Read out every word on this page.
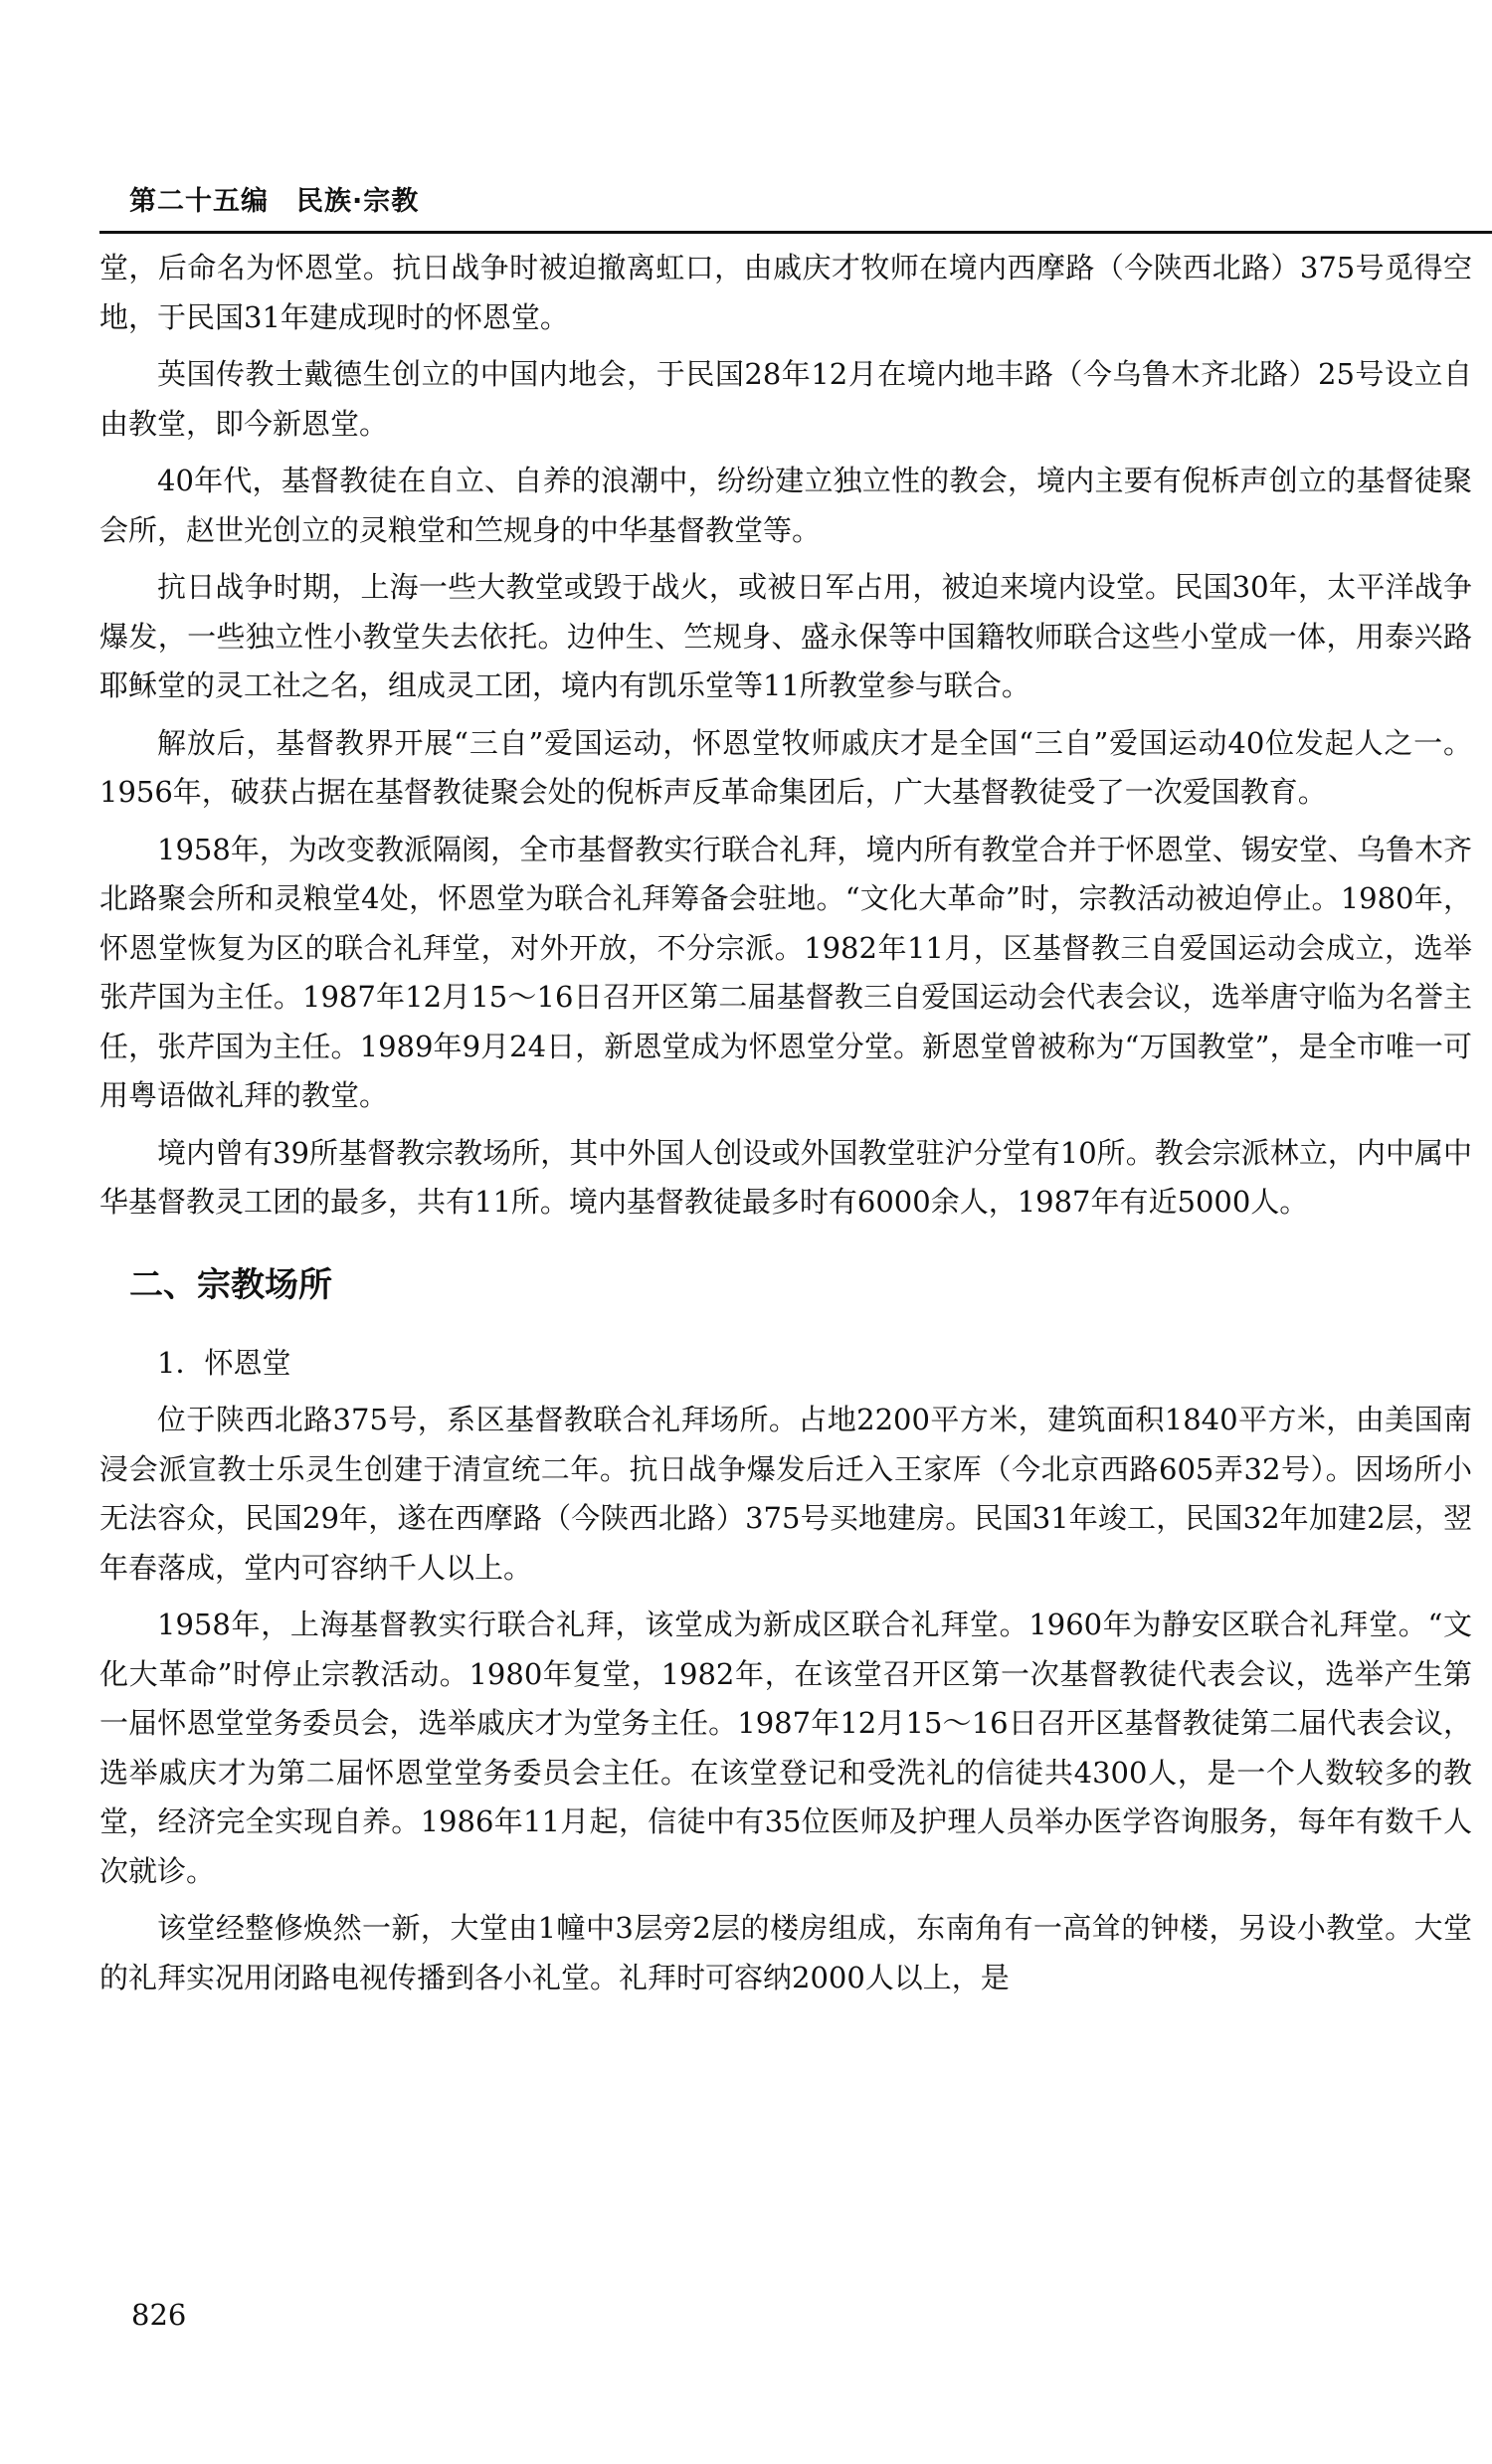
第二十五编　民族·宗教

堂，后命名为怀恩堂。抗日战争时被迫撤离虹口，由戚庆才牧师在境内西摩路（今陕西北路）375号觅得空地，于民国31年建成现时的怀恩堂。

英国传教士戴德生创立的中国内地会，于民国28年12月在境内地丰路（今乌鲁木齐北路）25号设立自由教堂，即今新恩堂。

40年代，基督教徒在自立、自养的浪潮中，纷纷建立独立性的教会，境内主要有倪柝声创立的基督徒聚会所，赵世光创立的灵粮堂和竺规身的中华基督教堂等。

抗日战争时期，上海一些大教堂或毁于战火，或被日军占用，被迫来境内设堂。民国30年，太平洋战争爆发，一些独立性小教堂失去依托。边仲生、竺规身、盛永保等中国籍牧师联合这些小堂成一体，用泰兴路耶稣堂的灵工社之名，组成灵工团，境内有凯乐堂等11所教堂参与联合。

解放后，基督教界开展“三自”爱国运动，怀恩堂牧师戚庆才是全国“三自”爱国运动40位发起人之一。1956年，破获占据在基督教徒聚会处的倪柝声反革命集团后，广大基督教徒受了一次爱国教育。

1958年，为改变教派隔阂，全市基督教实行联合礼拜，境内所有教堂合并于怀恩堂、锡安堂、乌鲁木齐北路聚会所和灵粮堂4处，怀恩堂为联合礼拜筹备会驻地。“文化大革命”时，宗教活动被迫停止。1980年，怀恩堂恢复为区的联合礼拜堂，对外开放，不分宗派。1982年11月，区基督教三自爱国运动会成立，选举张芹国为主任。1987年12月15～16日召开区第二届基督教三自爱国运动会代表会议，选举唐守临为名誉主任，张芹国为主任。1989年9月24日，新恩堂成为怀恩堂分堂。新恩堂曾被称为“万国教堂”，是全市唯一可用粤语做礼拜的教堂。

境内曾有39所基督教宗教场所，其中外国人创设或外国教堂驻沪分堂有10所。教会宗派林立，内中属中华基督教灵工团的最多，共有11所。境内基督教徒最多时有6000余人，1987年有近5000人。

二、宗教场所

1．怀恩堂

位于陕西北路375号，系区基督教联合礼拜场所。占地2200平方米，建筑面积1840平方米，由美国南浸会派宣教士乐灵生创建于清宣统二年。抗日战争爆发后迁入王家厍（今北京西路605弄32号）。因场所小无法容众，民国29年，遂在西摩路（今陕西北路）375号买地建房。民国31年竣工，民国32年加建2层，翌年春落成，堂内可容纳千人以上。

1958年，上海基督教实行联合礼拜，该堂成为新成区联合礼拜堂。1960年为静安区联合礼拜堂。“文化大革命”时停止宗教活动。1980年复堂，1982年，在该堂召开区第一次基督教徒代表会议，选举产生第一届怀恩堂堂务委员会，选举戚庆才为堂务主任。1987年12月15～16日召开区基督教徒第二届代表会议，选举戚庆才为第二届怀恩堂堂务委员会主任。在该堂登记和受洗礼的信徒共4300人，是一个人数较多的教堂，经济完全实现自养。1986年11月起，信徒中有35位医师及护理人员举办医学咨询服务，每年有数千人次就诊。

该堂经整修焕然一新，大堂由1幢中3层旁2层的楼房组成，东南角有一高耸的钟楼，另设小教堂。大堂的礼拜实况用闭路电视传播到各小礼堂。礼拜时可容纳2000人以上，是

826
